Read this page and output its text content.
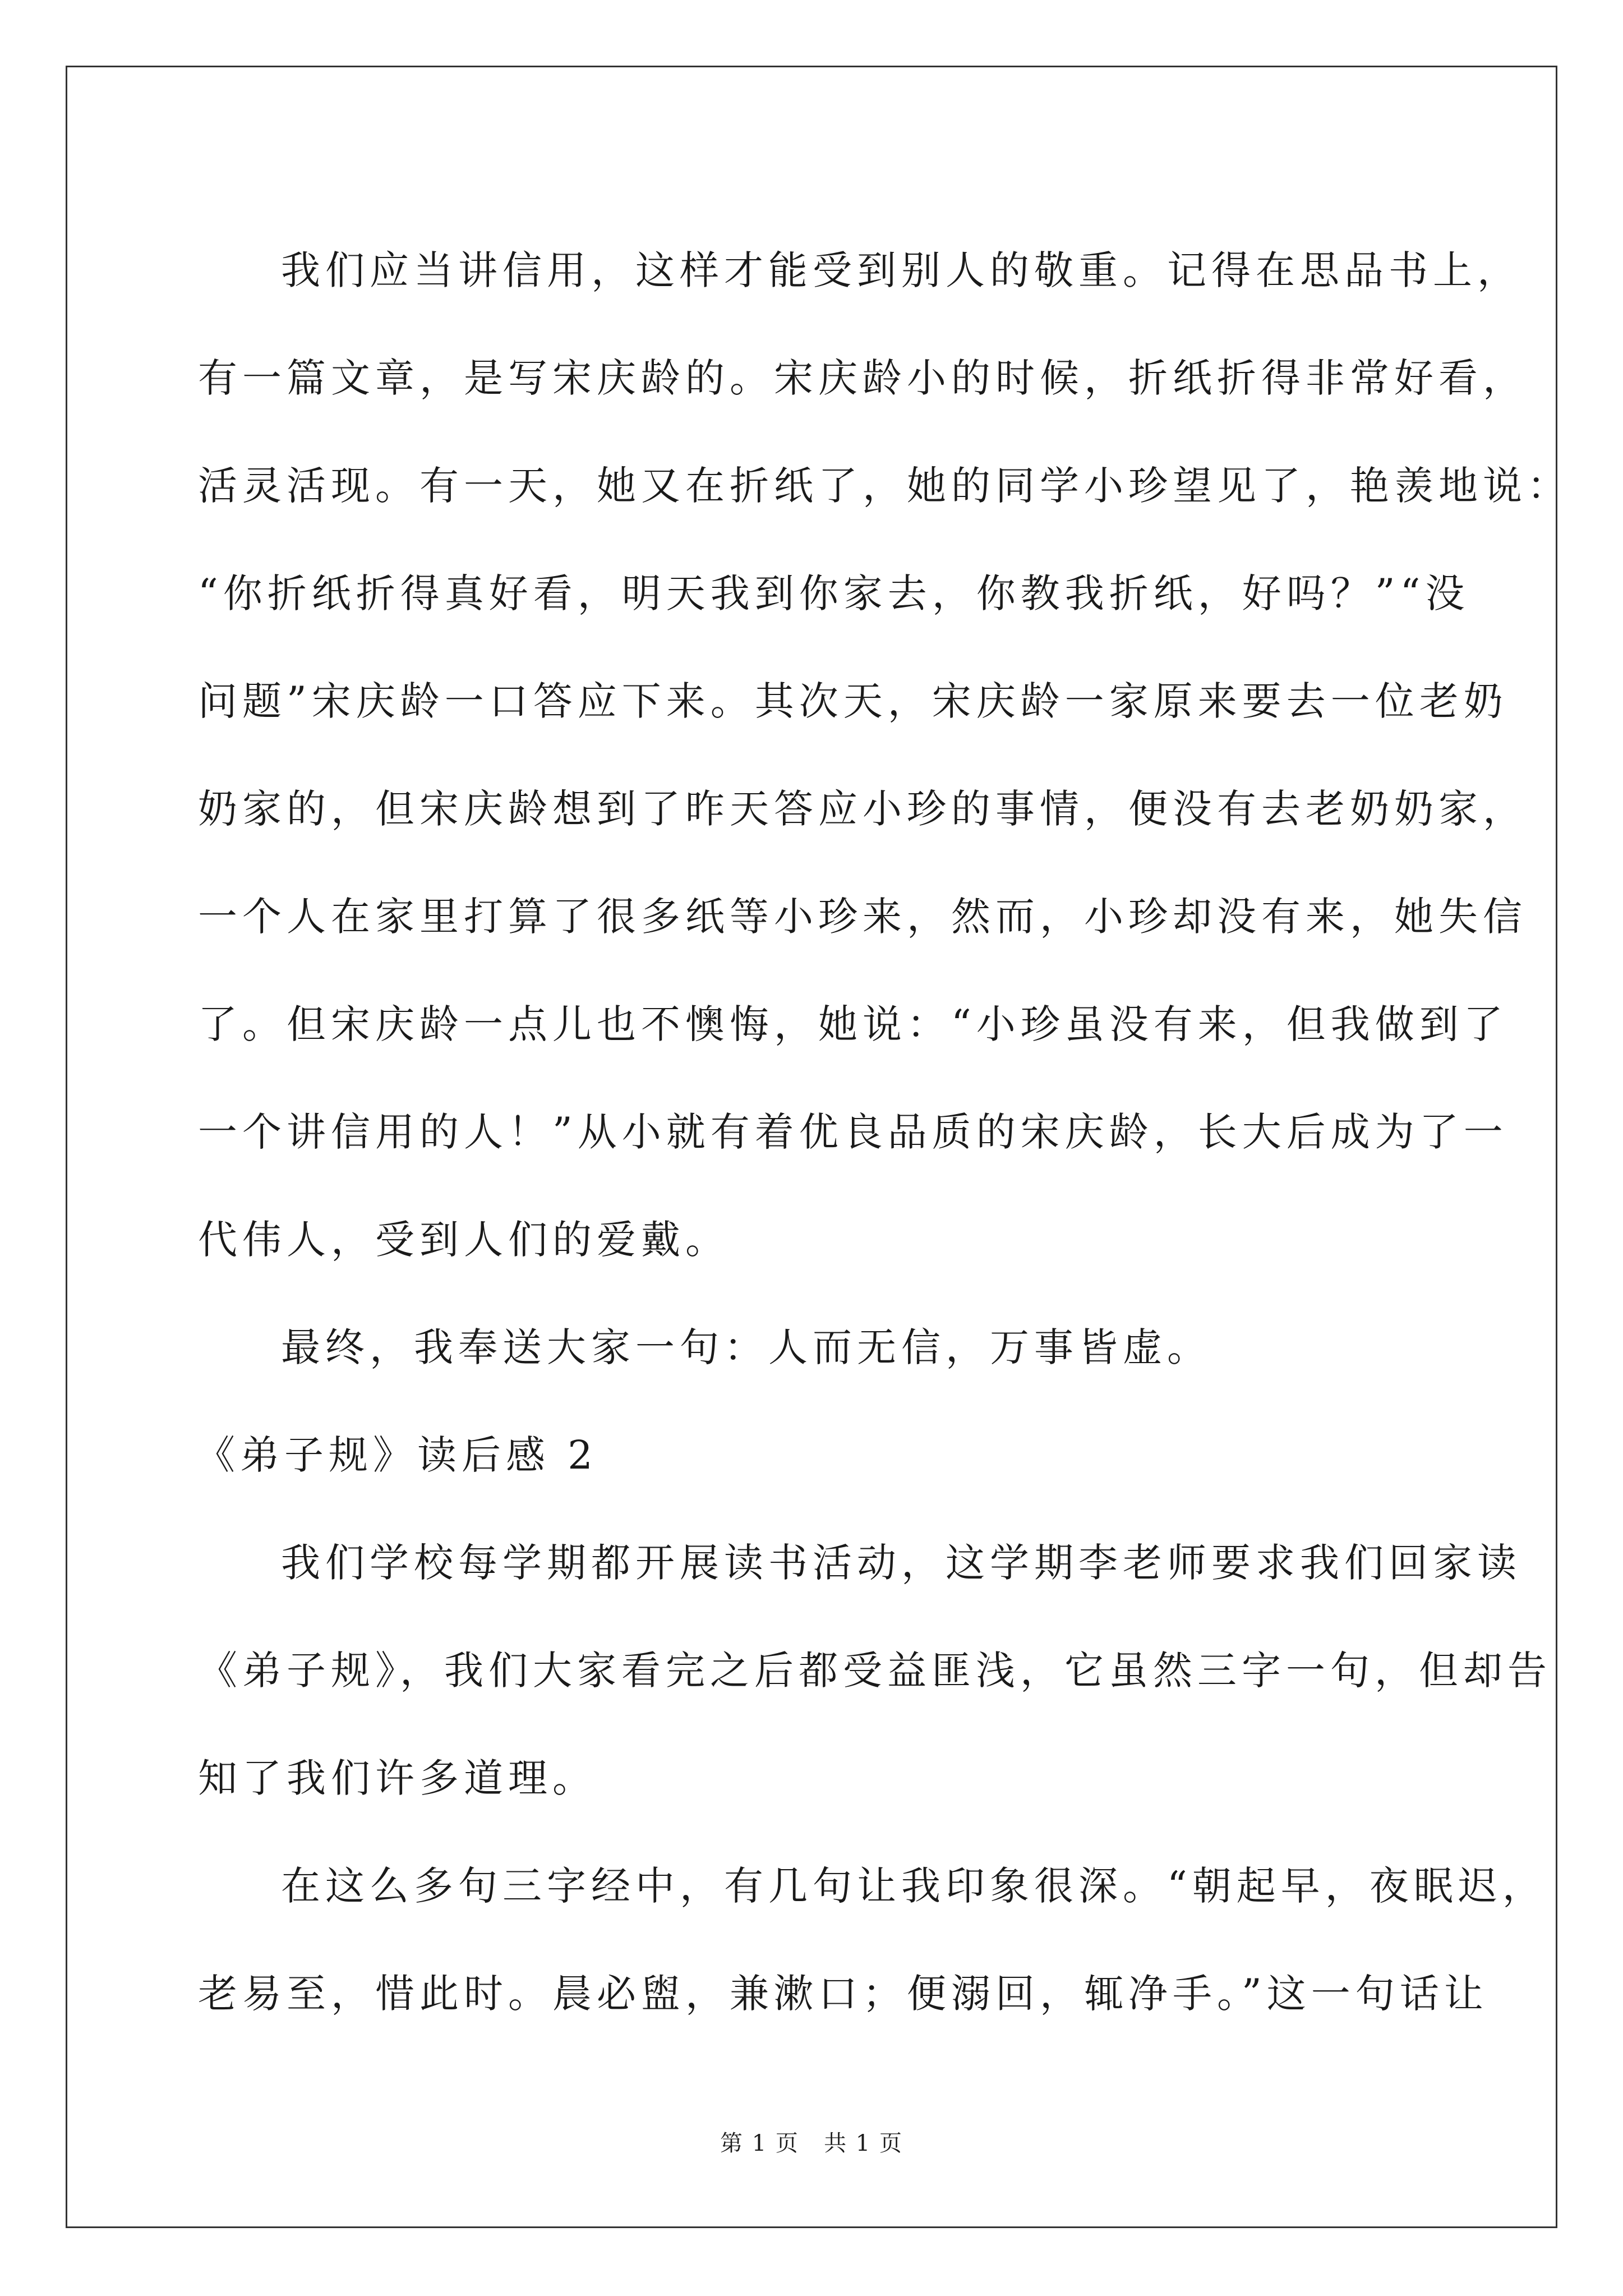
我们应当讲信用，这样才能受到别人的敬重。记得在思品书上，
有一篇文章，是写宋庆龄的。宋庆龄小的时候，折纸折得非常好看，
活灵活现。有一天，她又在折纸了，她的同学小珍望见了，艳羡地说：
“你折纸折得真好看，明天我到你家去，你教我折纸，好吗？”“没
问题”宋庆龄一口答应下来。其次天，宋庆龄一家原来要去一位老奶
奶家的，但宋庆龄想到了昨天答应小珍的事情，便没有去老奶奶家，
一个人在家里打算了很多纸等小珍来，然而，小珍却没有来，她失信
了。但宋庆龄一点儿也不懊悔，她说：“小珍虽没有来，但我做到了
一个讲信用的人！”从小就有着优良品质的宋庆龄，长大后成为了一
代伟人，受到人们的爱戴。
最终，我奉送大家一句：人而无信，万事皆虚。
《弟子规》读后感 2
我们学校每学期都开展读书活动，这学期李老师要求我们回家读
《弟子规》，我们大家看完之后都受益匪浅，它虽然三字一句，但却告
知了我们许多道理。
在这么多句三字经中，有几句让我印象很深。“朝起早，夜眠迟，
老易至，惜此时。晨必盥，兼漱口；便溺回，辄净手。”这一句话让
第 1 页   共 1 页
